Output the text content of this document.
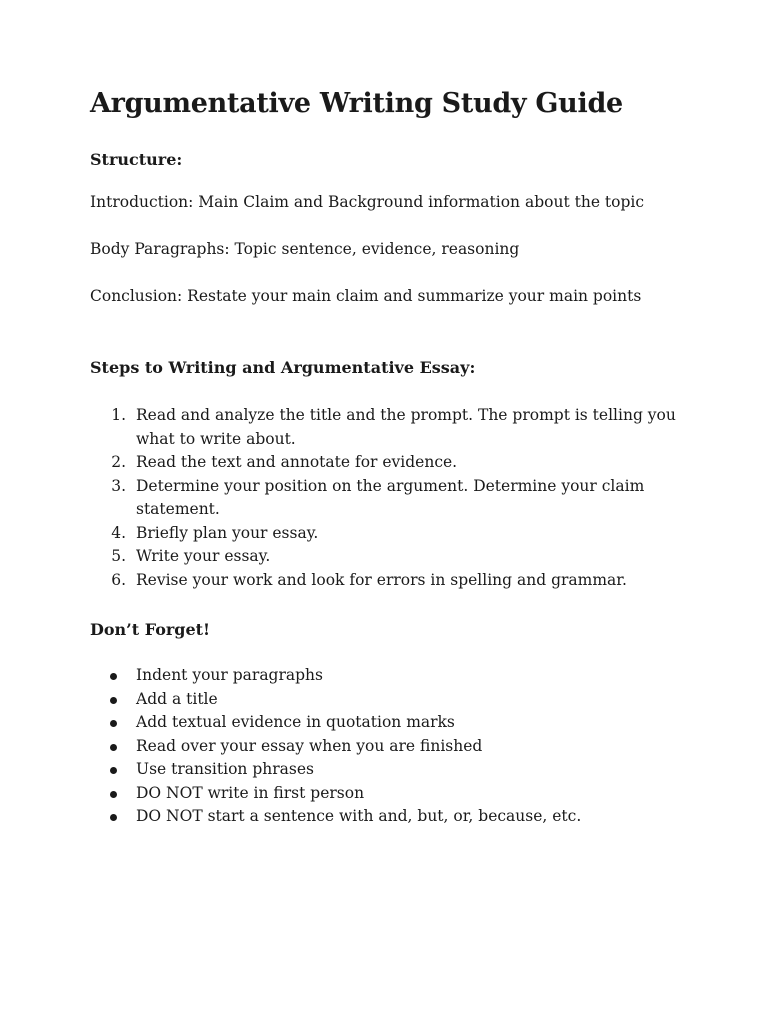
Argumentative Writing Study Guide
Structure:

Introduction: Main Claim and Background information about the topic

Body Paragraphs: Topic sentence, evidence, reasoning

Conclusion: Restate your main claim and summarize your main points

Steps to Writing and Argumentative Essay:
1. Read and analyze the title and the prompt. The prompt is telling you
what to write about.
2. Read the text and annotate for evidence.
3. Determine your position on the argument. Determine your claim
statement.
4. Briefly plan your essay.
5. Write your essay.
6. Revise your work and look for errors in spelling and grammar.
Don’t Forget!
Indent your paragraphs
Add a title
Add textual evidence in quotation marks
Read over your essay when you are finished
Use transition phrases
DO NOT write in first person
DO NOT start a sentence with and, but, or, because, etc.
